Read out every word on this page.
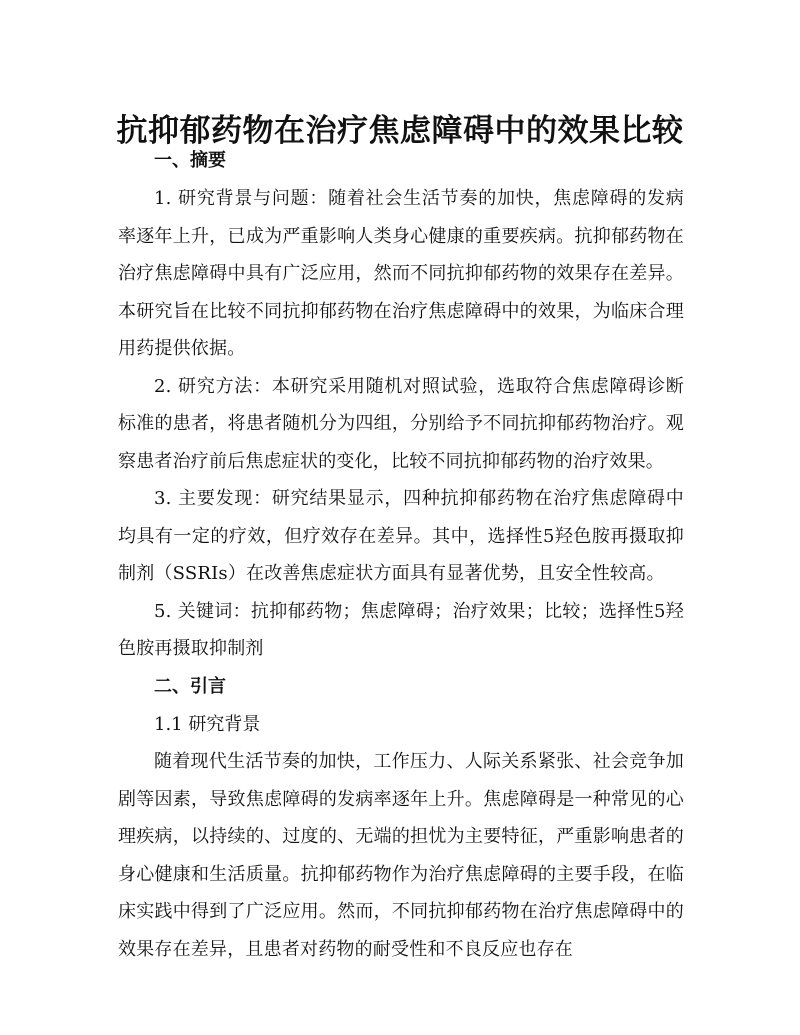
抗抑郁药物在治疗焦虑障碍中的效果比较
一、摘要

1. 研究背景与问题：随着社会生活节奏的加快，焦虑障碍的发病率逐年上升，已成为严重影响人类身心健康的重要疾病。抗抑郁药物在治疗焦虑障碍中具有广泛应用，然而不同抗抑郁药物的效果存在差异。本研究旨在比较不同抗抑郁药物在治疗焦虑障碍中的效果，为临床合理用药提供依据。

2. 研究方法：本研究采用随机对照试验，选取符合焦虑障碍诊断标准的患者，将患者随机分为四组，分别给予不同抗抑郁药物治疗。观察患者治疗前后焦虑症状的变化，比较不同抗抑郁药物的治疗效果。

3. 主要发现：研究结果显示，四种抗抑郁药物在治疗焦虑障碍中均具有一定的疗效，但疗效存在差异。其中，选择性5羟色胺再摄取抑制剂（SSRIs）在改善焦虑症状方面具有显著优势，且安全性较高。

5. 关键词：抗抑郁药物；焦虑障碍；治疗效果；比较；选择性5羟色胺再摄取抑制剂

二、引言

1.1 研究背景

随着现代生活节奏的加快，工作压力、人际关系紧张、社会竞争加剧等因素，导致焦虑障碍的发病率逐年上升。焦虑障碍是一种常见的心理疾病，以持续的、过度的、无端的担忧为主要特征，严重影响患者的身心健康和生活质量。抗抑郁药物作为治疗焦虑障碍的主要手段，在临床实践中得到了广泛应用。然而，不同抗抑郁药物在治疗焦虑障碍中的效果存在差异，且患者对药物的耐受性和不良反应也存在
